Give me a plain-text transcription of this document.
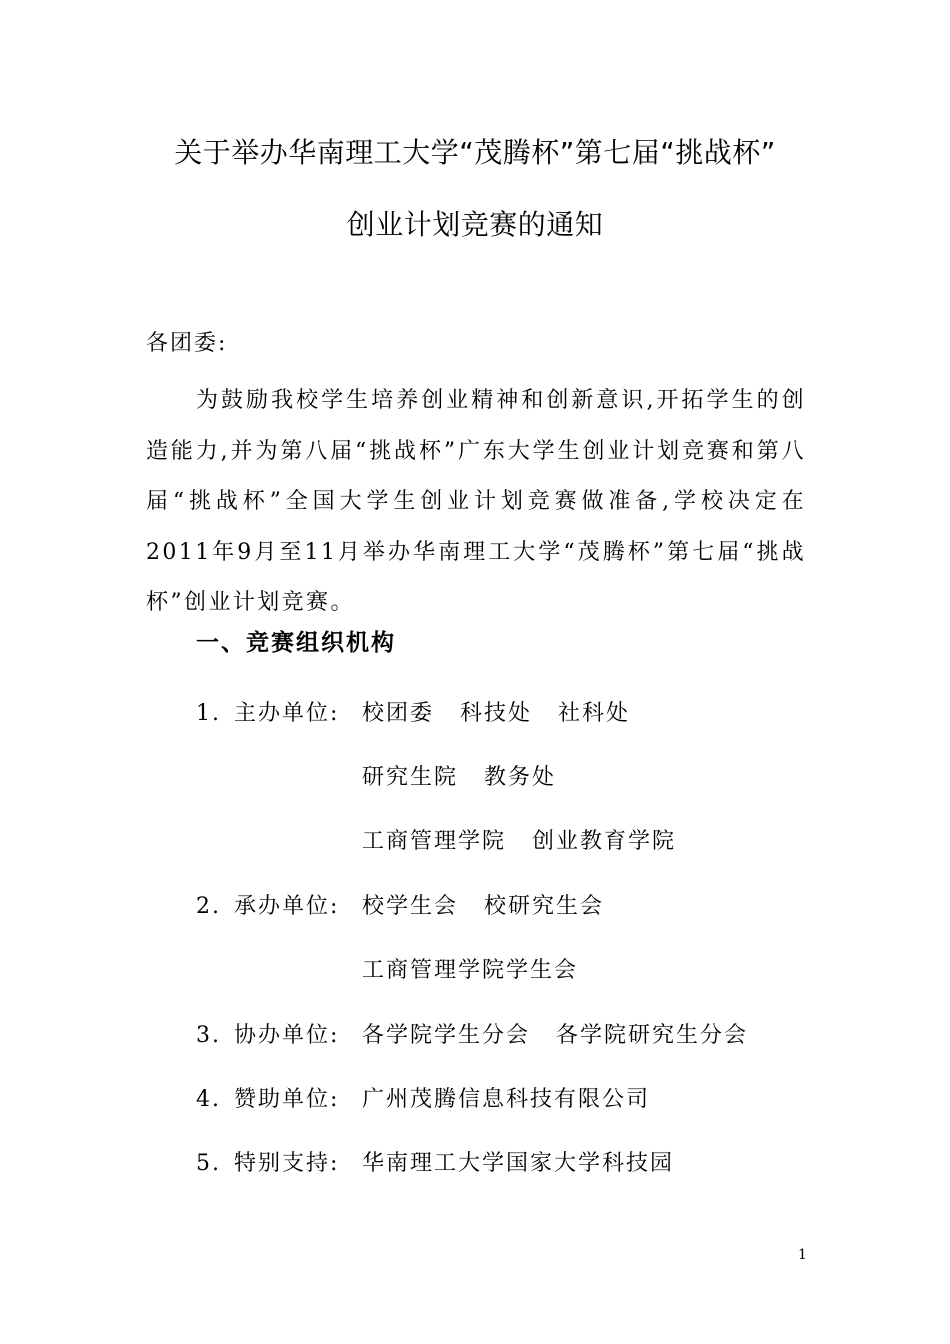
关于举办华南理工大学“茂腾杯”第七届“挑战杯”
创业计划竞赛的通知
各团委:
为鼓励我校学生培养创业精神和创新意识,开拓学生的创造能力,并为第八届“挑战杯”广东大学生创业计划竞赛和第八届“挑战杯”全国大学生创业计划竞赛做准备,学校决定在2011年9月至11月举办华南理工大学“茂腾杯”第七届“挑战杯”创业计划竞赛。
一、竞赛组织机构
1. 主办单位: 校团委 科技处 社科处
研究生院 教务处
工商管理学院 创业教育学院
2. 承办单位: 校学生会 校研究生会
工商管理学院学生会
3. 协办单位: 各学院学生分会 各学院研究生分会
4. 赞助单位: 广州茂腾信息科技有限公司
5. 特别支持: 华南理工大学国家大学科技园
1
